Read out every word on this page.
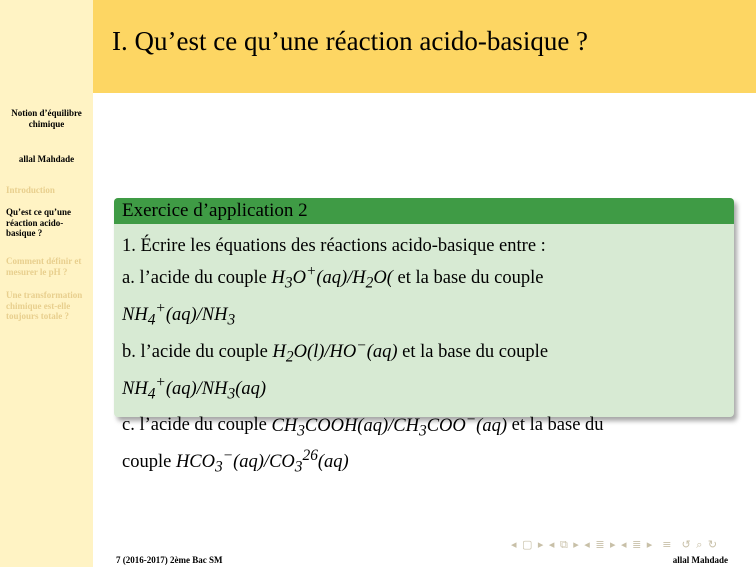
I. Qu’est ce qu’une réaction acido-basique ?
Notion d’équilibre chimique
allal Mahdade
Introduction
Qu’est ce qu’une réaction acido-basique ?
Comment définir et mesurer le pH ?
Une transformation chimique est-elle toujours totale ?
Exercice d’application 2

1. Écrire les équations des réactions acido-basique entre :

a. l’acide du couple $H_3O^+(aq)/H_2O$( et la base du couple

$NH_4^+(aq)/NH_3$

b. l’acide du couple $H_2O(l)/HO^-(aq)$ et la base du couple

$NH_4^+(aq)/NH_3(aq)$

c. l’acide du couple $CH_3COOH(aq)/CH_3COO^-(aq)$ et la base du

couple $HCO_3^-(aq)/CO_3^{26}(aq)$

◂ ▢ ▸ ◂ ⧉ ▸ ◂ ≣ ▸ ◂ ≣ ▸  ≡  ↺ ⌕ ↻
7 (2016-2017) 2ème Bac SM	allal Mahdade
